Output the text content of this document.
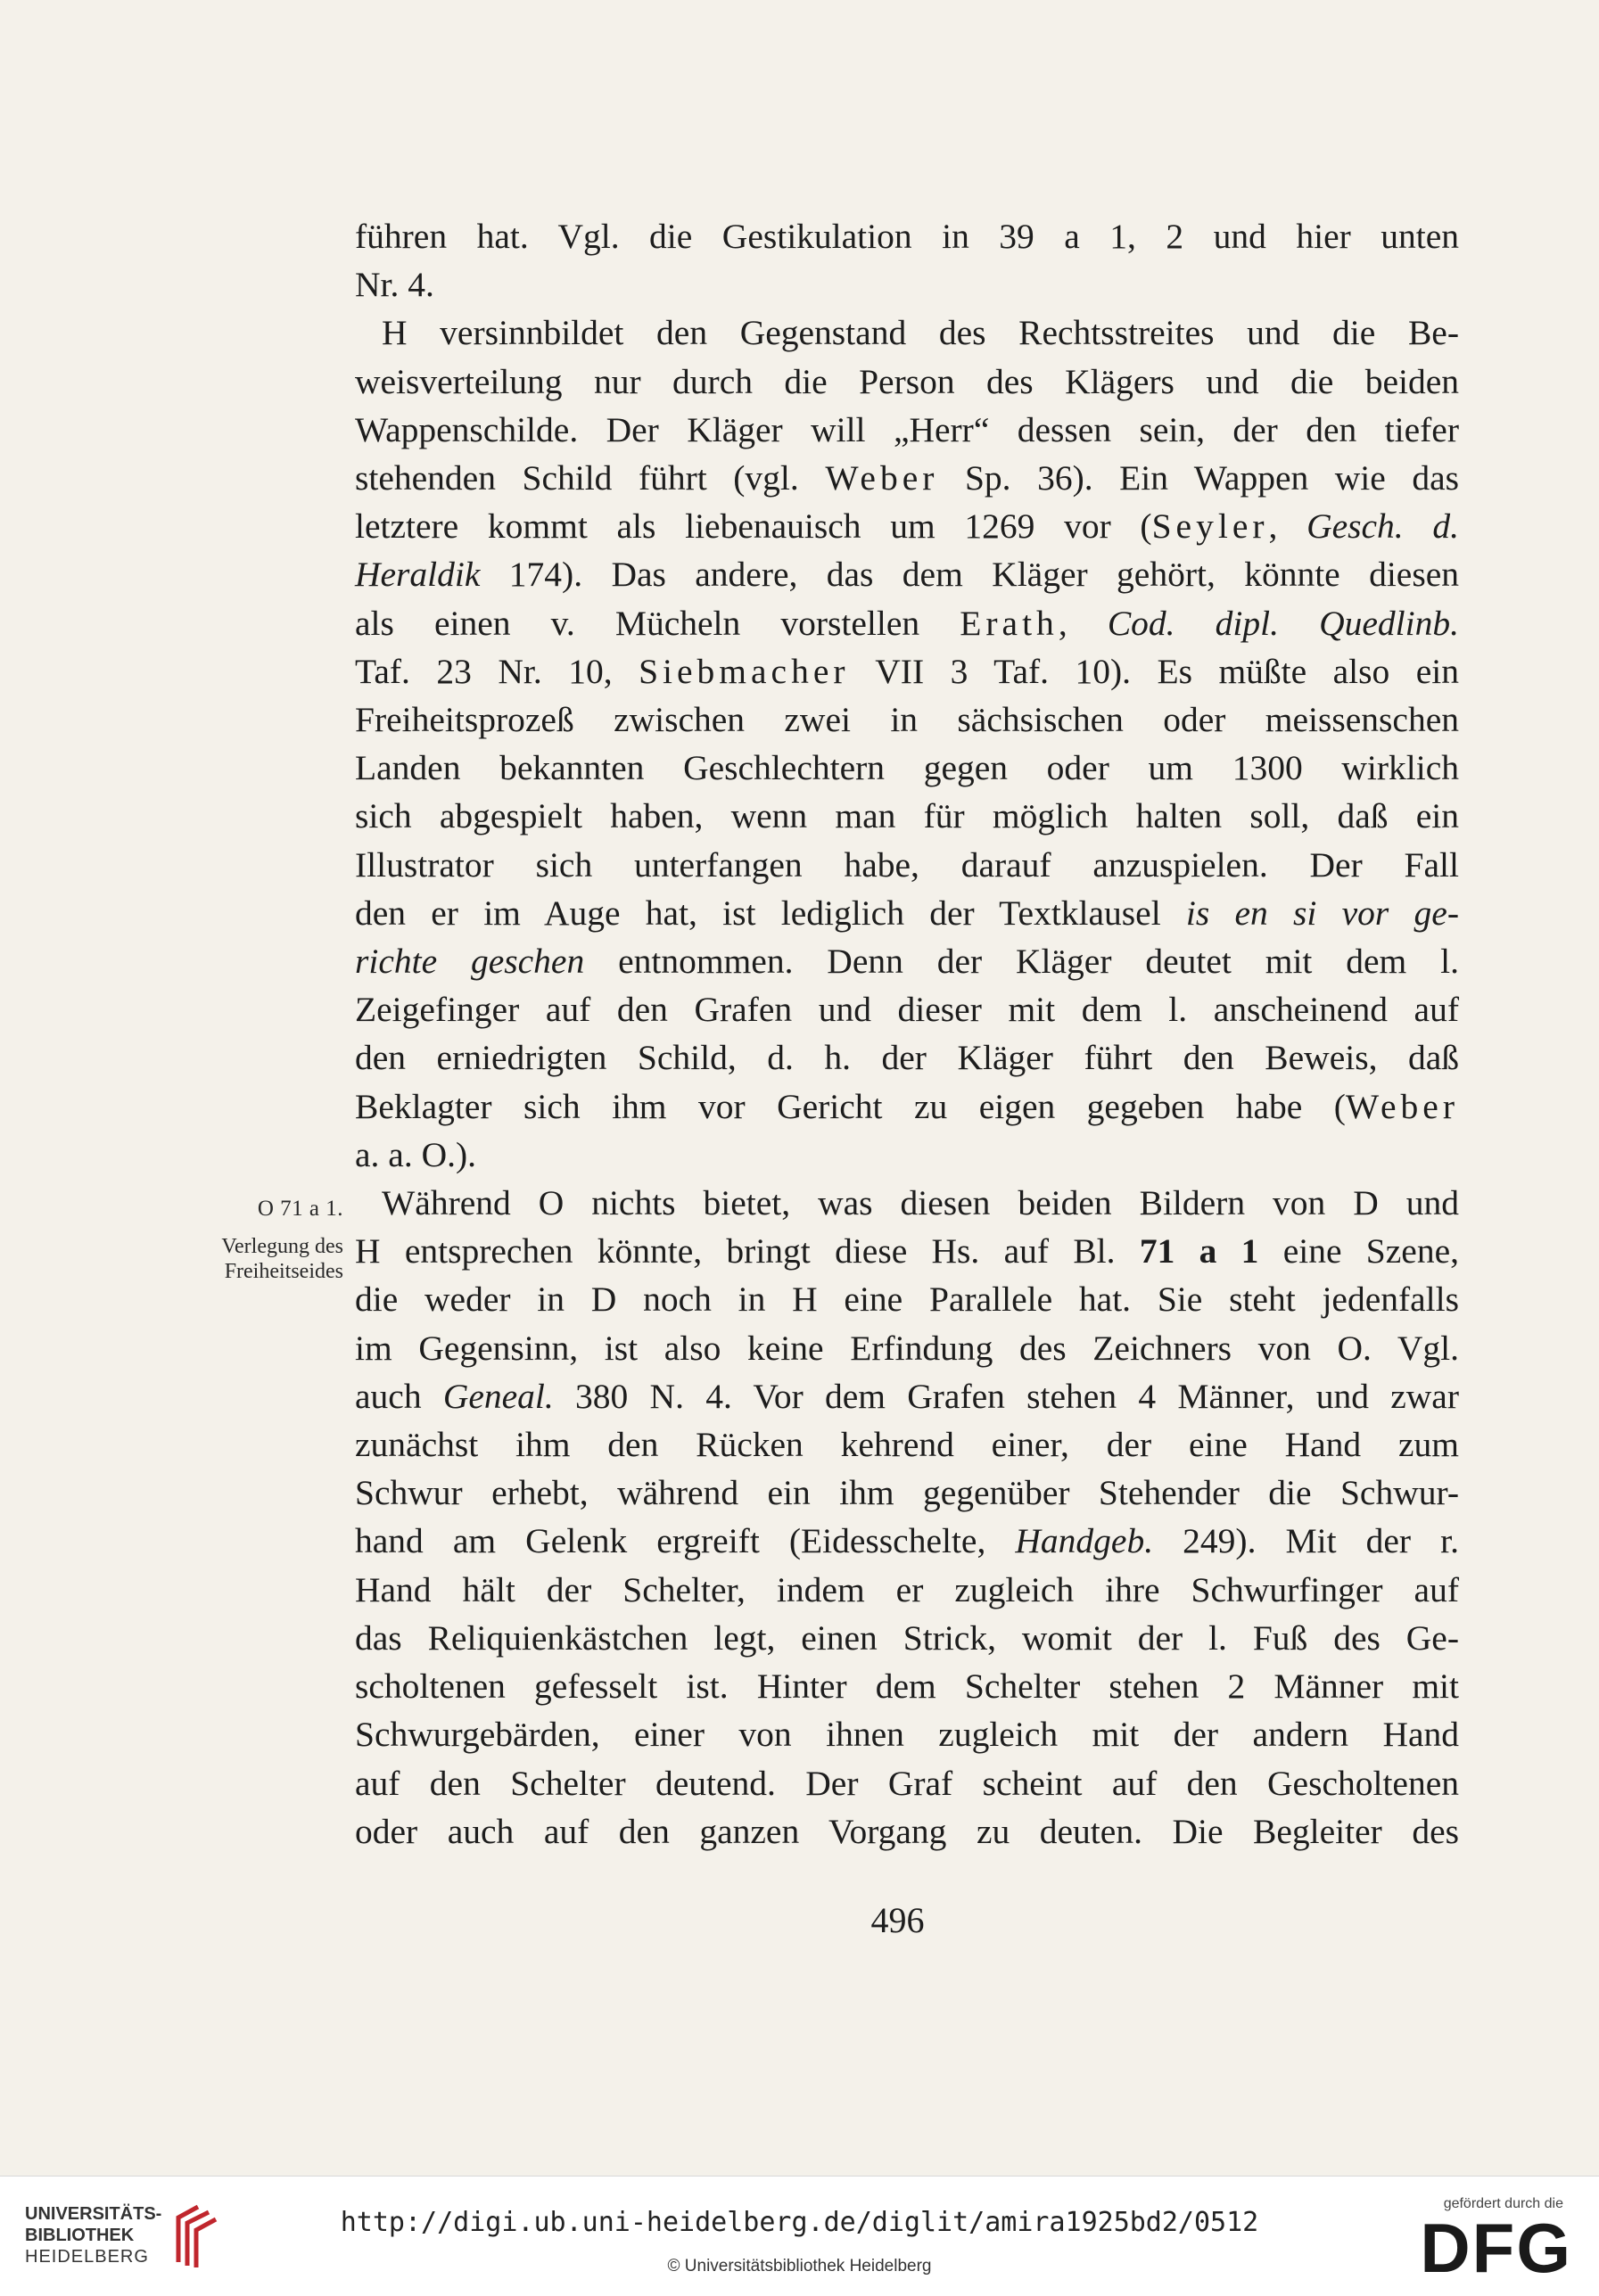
führen hat. Vgl. die Gestikulation in 39 a 1, 2 und hier unten
Nr. 4.
H versinnbildet den Gegenstand des Rechtsstreites und die Be-
weisverteilung nur durch die Person des Klägers und die beiden
Wappenschilde. Der Kläger will „Herr“ dessen sein, der den tiefer
stehenden Schild führt (vgl. Weber Sp. 36). Ein Wappen wie das
letztere kommt als liebenauisch um 1269 vor (Seyler, Gesch. d.
Heraldik 174). Das andere, das dem Kläger gehört, könnte diesen
als einen v. Mücheln vorstellen Erath, Cod. dipl. Quedlinb.
Taf. 23 Nr. 10, Siebmacher VII 3 Taf. 10). Es müßte also ein
Freiheitsprozeß zwischen zwei in sächsischen oder meissenschen
Landen bekannten Geschlechtern gegen oder um 1300 wirklich
sich abgespielt haben, wenn man für möglich halten soll, daß ein
Illustrator sich unterfangen habe, darauf anzuspielen. Der Fall
den er im Auge hat, ist lediglich der Textklausel is en si vor ge-
richte geschen entnommen. Denn der Kläger deutet mit dem l.
Zeigefinger auf den Grafen und dieser mit dem l. anscheinend auf
den erniedrigten Schild, d. h. der Kläger führt den Beweis, daß
Beklagter sich ihm vor Gericht zu eigen gegeben habe (Weber
a. a. O.).
Während O nichts bietet, was diesen beiden Bildern von D und
H entsprechen könnte, bringt diese Hs. auf Bl. 71 a 1 eine Szene,
die weder in D noch in H eine Parallele hat. Sie steht jedenfalls
im Gegensinn, ist also keine Erfindung des Zeichners von O. Vgl.
auch Geneal. 380 N. 4. Vor dem Grafen stehen 4 Männer, und zwar
zunächst ihm den Rücken kehrend einer, der eine Hand zum
Schwur erhebt, während ein ihm gegenüber Stehender die Schwur-
hand am Gelenk ergreift (Eidesschelte, Handgeb. 249). Mit der r.
Hand hält der Schelter, indem er zugleich ihre Schwurfinger auf
das Reliquienkästchen legt, einen Strick, womit der l. Fuß des Ge-
scholtenen gefesselt ist. Hinter dem Schelter stehen 2 Männer mit
Schwurgebärden, einer von ihnen zugleich mit der andern Hand
auf den Schelter deutend. Der Graf scheint auf den Gescholtenen
oder auch auf den ganzen Vorgang zu deuten. Die Begleiter des
O 71 a 1.
Verlegung des
Freiheitseides
496
UNIVERSITÄTS-
BIBLIOTHEK
HEIDELBERG
http://digi.ub.uni-heidelberg.de/diglit/amira1925bd2/0512
© Universitätsbibliothek Heidelberg
gefördert durch die
DFG
